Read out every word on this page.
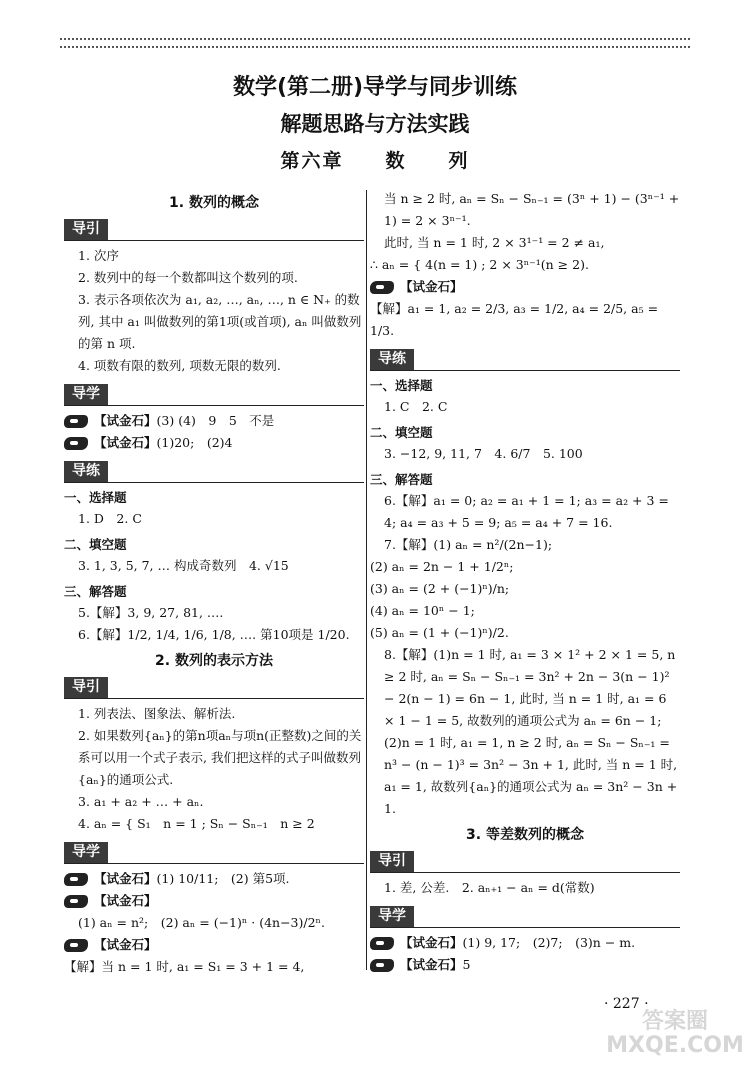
数学(第二册)导学与同步训练
解题思路与方法实践
第六章　　数　　列
1. 数列的概念
导引

1. 次序

2. 数列中的每一个数都叫这个数列的项.

3. 表示各项依次为 a₁, a₂, …, aₙ, …, n ∈ N₊ 的数列, 其中 a₁ 叫做数列的第1项(或首项), aₙ 叫做数列的第 n 项.

4. 项数有限的数列, 项数无限的数列.

导学
【试金石】 (3) (4)　9　5　不是
【试金石】 (1)20;　(2)4
导练
一、选择题

1. D　2. C

二、填空题

3. 1, 3, 5, 7, … 构成奇数列　4. √15

三、解答题

5.【解】3, 9, 27, 81, ….

6.【解】1/2, 1/4, 1/6, 1/8, …. 第10项是 1/20.

2. 数列的表示方法
导引

1. 列表法、图象法、解析法.

2. 如果数列{aₙ}的第n项aₙ与项n(正整数)之间的关系可以用一个式子表示, 我们把这样的式子叫做数列{aₙ}的通项公式.

3. a₁ + a₂ + … + aₙ.

4. aₙ = { S₁　n = 1 ; Sₙ − Sₙ₋₁　n ≥ 2

导学
【试金石】 (1) 10/11;　(2) 第5项.
【试金石】

(1) aₙ = n²;　(2) aₙ = (−1)ⁿ · (4n−3)/2ⁿ.

【试金石】

【解】当 n = 1 时, a₁ = S₁ = 3 + 1 = 4,

当 n ≥ 2 时, aₙ = Sₙ − Sₙ₋₁ = (3ⁿ + 1) − (3ⁿ⁻¹ + 1) = 2 × 3ⁿ⁻¹.

此时, 当 n = 1 时, 2 × 3¹⁻¹ = 2 ≠ a₁,

∴ aₙ = { 4(n = 1) ; 2 × 3ⁿ⁻¹(n ≥ 2).

【试金石】

【解】a₁ = 1, a₂ = 2/3, a₃ = 1/2, a₄ = 2/5, a₅ = 1/3.

导练
一、选择题

1. C　2. C

二、填空题

3. −12, 9, 11, 7　4. 6/7　5. 100

三、解答题

6.【解】a₁ = 0; a₂ = a₁ + 1 = 1; a₃ = a₂ + 3 = 4; a₄ = a₃ + 5 = 9; a₅ = a₄ + 7 = 16.

7.【解】(1) aₙ = n²/(2n−1);

(2) aₙ = 2n − 1 + 1/2ⁿ;

(3) aₙ = (2 + (−1)ⁿ)/n;

(4) aₙ = 10ⁿ − 1;

(5) aₙ = (1 + (−1)ⁿ)/2.

8.【解】(1)n = 1 时, a₁ = 3 × 1² + 2 × 1 = 5, n ≥ 2 时, aₙ = Sₙ − Sₙ₋₁ = 3n² + 2n − 3(n − 1)² − 2(n − 1) = 6n − 1, 此时, 当 n = 1 时, a₁ = 6 × 1 − 1 = 5, 故数列的通项公式为 aₙ = 6n − 1;

(2)n = 1 时, a₁ = 1, n ≥ 2 时, aₙ = Sₙ − Sₙ₋₁ = n³ − (n − 1)³ = 3n² − 3n + 1, 此时, 当 n = 1 时, a₁ = 1, 故数列{aₙ}的通项公式为 aₙ = 3n² − 3n + 1.

3. 等差数列的概念
导引

1. 差, 公差.　2. aₙ₊₁ − aₙ = d(常数)

导学
【试金石】 (1) 9, 17;　(2)7;　(3)n − m.
【试金石】 5
· 227 ·
答案圈 MXQE.COM
